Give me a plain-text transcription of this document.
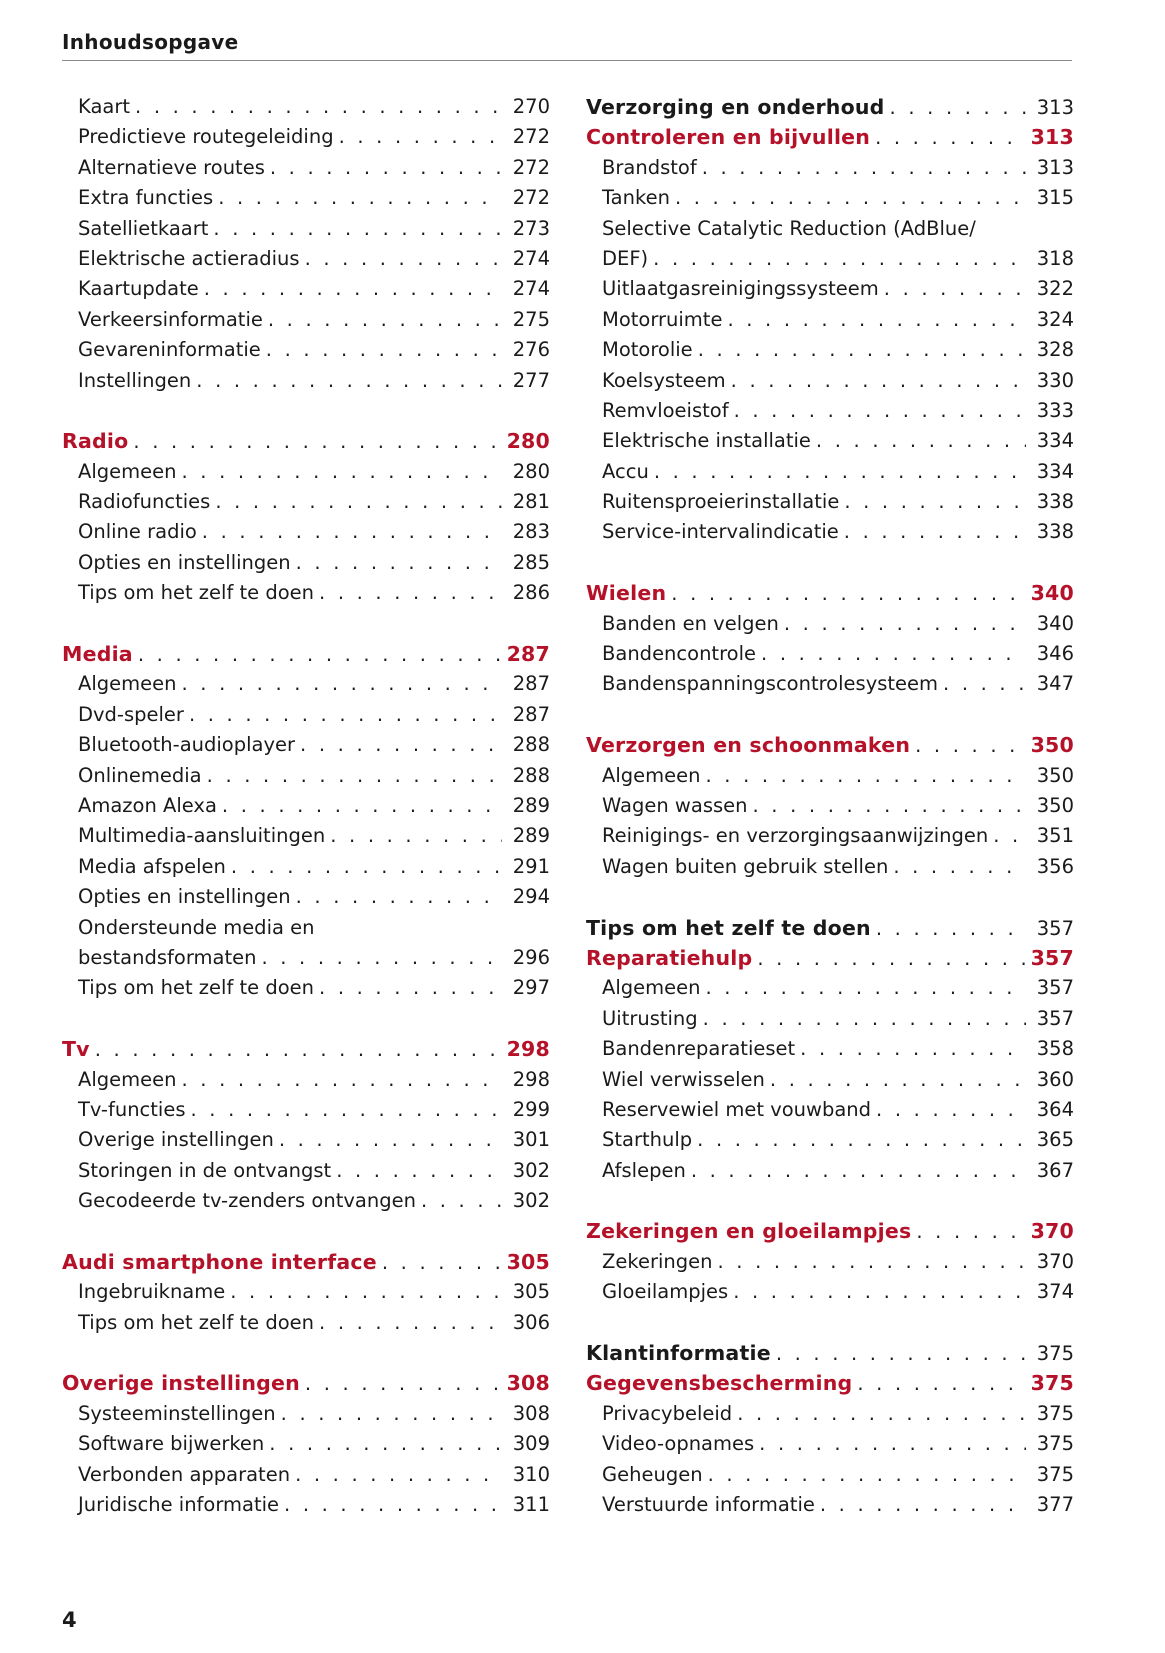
Inhoudsopgave
Kaart . . .	270
Predictieve routegeleiding . . .	272
Alternatieve routes . . .	272
Extra functies . . .	272
Satellietkaart . . .	273
Elektrische actieradius . . .	274
Kaartupdate . . .	274
Verkeersinformatie . . .	275
Gevareninformatie . . .	276
Instellingen . . .	277
Radio . . .	280
Algemeen . . .	280
Radiofuncties . . .	281
Online radio . . .	283
Opties en instellingen . . .	285
Tips om het zelf te doen . . .	286
Media . . .	287
Algemeen . . .	287
Dvd-speler . . .	287
Bluetooth-audioplayer . . .	288
Onlinemedia . . .	288
Amazon Alexa . . .	289
Multimedia-aansluitingen . . .	289
Media afspelen . . .	291
Opties en instellingen . . .	294
Ondersteunde media en
bestandsformaten . . .	296
Tips om het zelf te doen . . .	297
Tv . . .	298
Algemeen . . .	298
Tv-functies . . .	299
Overige instellingen . . .	301
Storingen in de ontvangst . . .	302
Gecodeerde tv-zenders ontvangen . . .	302
Audi smartphone interface . . .	305
Ingebruikname . . .	305
Tips om het zelf te doen . . .	306
Overige instellingen . . .	308
Systeeminstellingen . . .	308
Software bijwerken . . .	309
Verbonden apparaten . . .	310
Juridische informatie . . .	311
Verzorging en onderhoud . . .	313
Controleren en bijvullen . . .	313
Brandstof . . .	313
Tanken . . .	315
Selective Catalytic Reduction (AdBlue/
DEF) . . .	318
Uitlaatgasreinigingssysteem . . .	322
Motorruimte . . .	324
Motorolie . . .	328
Koelsysteem . . .	330
Remvloeistof . . .	333
Elektrische installatie . . .	334
Accu . . .	334
Ruitensproeierinstallatie . . .	338
Service-intervalindicatie . . .	338
Wielen . . .	340
Banden en velgen . . .	340
Bandencontrole . . .	346
Bandenspanningscontrolesysteem . . .	347
Verzorgen en schoonmaken . . .	350
Algemeen . . .	350
Wagen wassen . . .	350
Reinigings- en verzorgingsaanwijzingen . . . 351
Wagen buiten gebruik stellen . . .	356
Tips om het zelf te doen . . .	357
Reparatiehulp . . .	357
Algemeen . . .	357
Uitrusting . . .	357
Bandenreparatieset . . .	358
Wiel verwisselen . . .	360
Reservewiel met vouwband . . .	364
Starthulp . . .	365
Afslepen . . .	367
Zekeringen en gloeilampjes . . .	370
Zekeringen . . .	370
Gloeilampjes . . .	374
Klantinformatie . . .	375
Gegevensbescherming . . .	375
Privacybeleid . . .	375
Video-opnames . . .	375
Geheugen . . .	375
Verstuurde informatie . . .	377
4
